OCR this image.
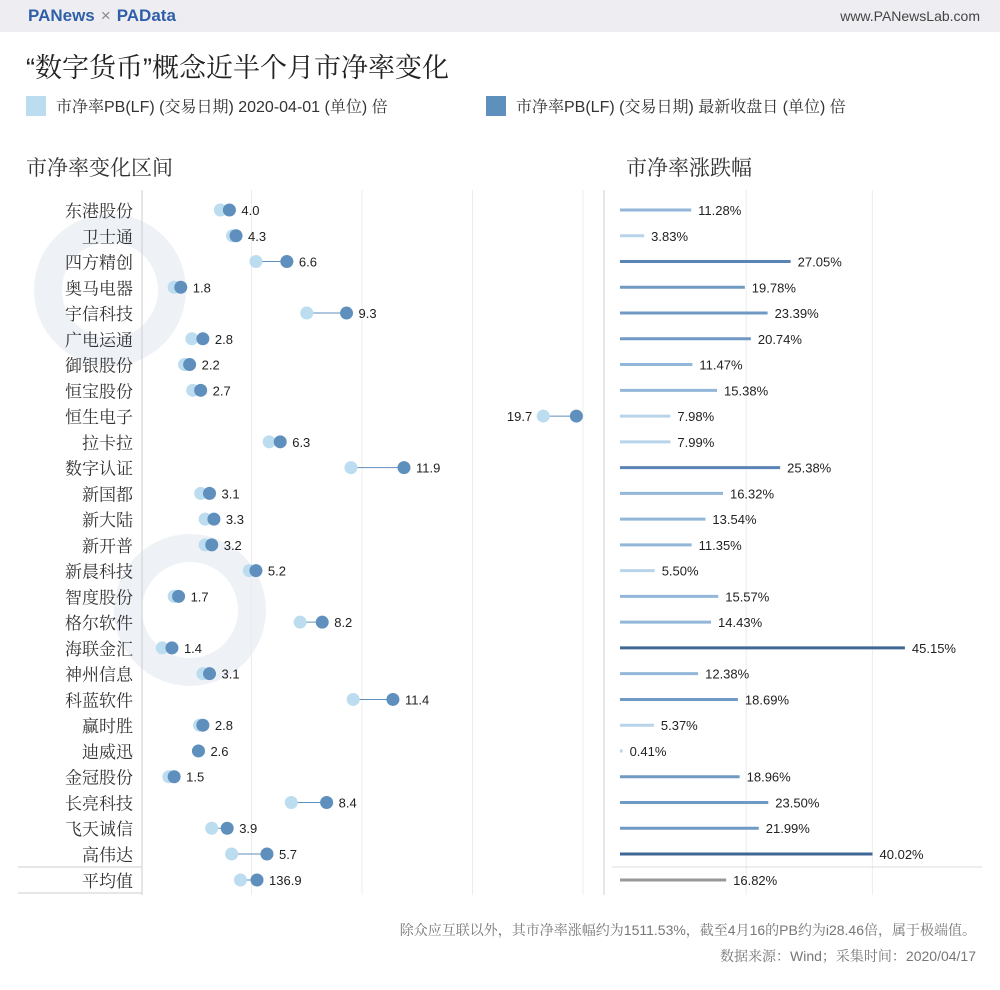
PANews × PAData	www.PANewsLab.com
“数字货币”概念近半个月市净率变化
市净率PB(LF) (交易日期) 2020-04-01 (单位) 倍	市净率PB(LF) (交易日期) 最新收盘日 (单位) 倍
市净率变化区间	市净率涨跌幅
东港股份	4.0	11.28%
卫士通	4.3	3.83%
四方精创	6.6	27.05%
奥马电器	1.8	19.78%
宇信科技	9.3	23.39%
广电运通	2.8	20.74%
御银股份	2.2	11.47%
恒宝股份	2.7	15.38%
恒生电子	19.7	7.98%
拉卡拉	6.3	7.99%
数字认证	11.9	25.38%
新国都	3.1	16.32%
新大陆	3.3	13.54%
新开普	3.2	11.35%
新晨科技	5.2	5.50%
智度股份	1.7	15.57%
格尔软件	8.2	14.43%
海联金汇	1.4	45.15%
神州信息	3.1	12.38%
科蓝软件	11.4	18.69%
赢时胜	2.8	5.37%
迪威迅	2.6	0.41%
金冠股份	1.5	18.96%
长亮科技	8.4	23.50%
飞天诚信	3.9	21.99%
高伟达	5.7	40.02%
平均值	136.9	16.82%
除众应互联以外，其市净率涨幅约为1511.53%，截至4月16的PB约为i28.46倍，属于极端值。
数据来源：Wind；采集时间：2020/04/17
